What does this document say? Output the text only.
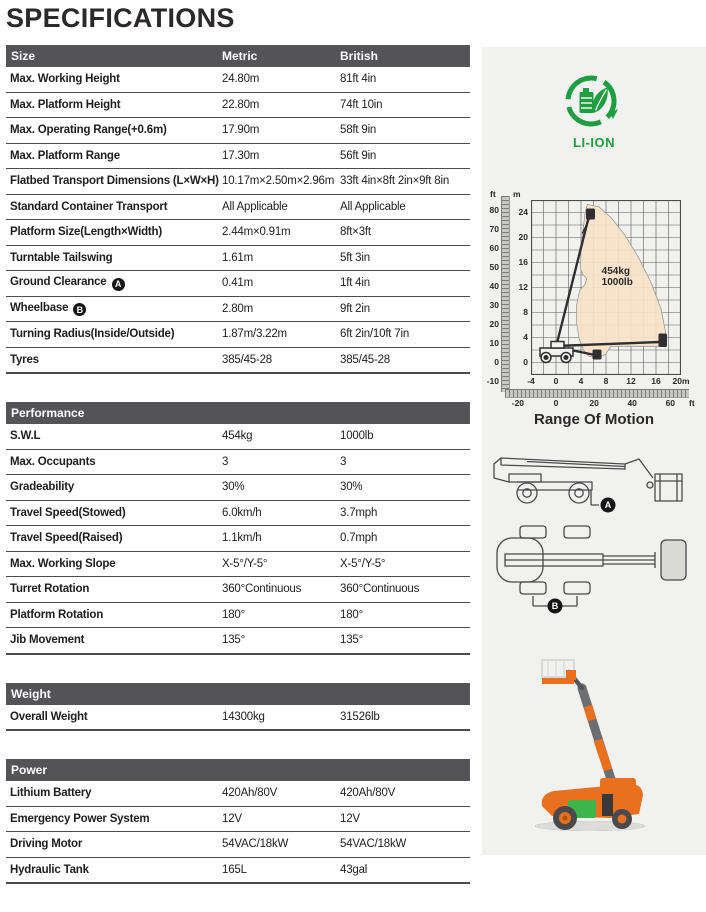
SPECIFICATIONS
Size	Metric	British
Max. Working Height	24.80m	81ft 4in
Max. Platform Height	22.80m	74ft 10in
Max. Operating Range(+0.6m)	17.90m	58ft 9in
Max. Platform Range	17.30m	56ft 9in
Flatbed Transport Dimensions (L×W×H) 10.17m×2.50m×2.96m 33ft 4in×8ft 2in×9ft 8in
Standard Container Transport	All Applicable	All Applicable
Platform Size(Length×Width)	2.44m×0.91m	8ft×3ft
Turntable Tailswing	1.61m	5ft 3in
Ground Clearance A	0.41m	1ft 4in
Wheelbase B	2.80m	9ft 2in
Turning Radius(Inside/Outside)	1.87m/3.22m	6ft 2in/10ft 7in
Tyres	385/45-28	385/45-28
Performance
S.W.L	454kg	1000lb
Max. Occupants	3	3
Gradeability	30%	30%
Travel Speed(Stowed)	6.0km/h	3.7mph
Travel Speed(Raised)	1.1km/h	0.7mph
Max. Working Slope	X-5°/Y-5°	X-5°/Y-5°
Turret Rotation	360°Continuous	360°Continuous
Platform Rotation	180°	180°
Jib Movement	135°	135°
Weight
Overall Weight	14300kg	31526lb
Power
Lithium Battery	420Ah/80V	420Ah/80V
Emergency Power System	12V	12V
Driving Motor	54VAC/18kW	54VAC/18kW
Hydraulic Tank	165L	43gal
LI-ION
ft m
-10
0
10
20
30
40
50
60
70
80
0
4
8
12
16
20
24
454kg 1000lb
-4	0	4	8	12	16	20m
-20	0	20	40	60	ft
Range Of Motion
A
B
